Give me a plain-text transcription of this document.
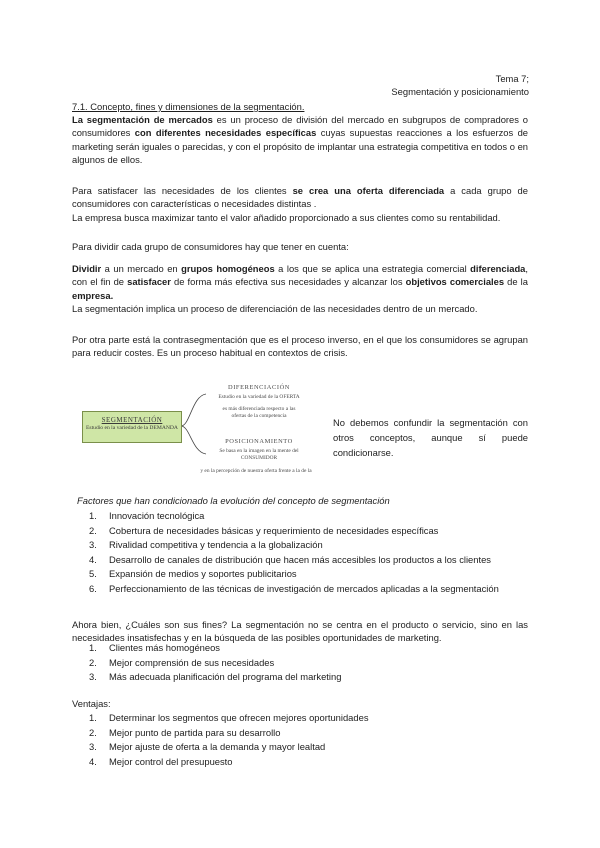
Tema 7;
Segmentación y posicionamiento
7.1. Concepto, fines y dimensiones de la segmentación.
La segmentación de mercados es un proceso de división del mercado en subgrupos de compradores o consumidores con diferentes necesidades específicas cuyas supuestas reacciones a los esfuerzos de marketing serán iguales o parecidas, y con el propósito de implantar una estrategia competitiva en todos o en algunos de ellos.
Para satisfacer las necesidades de los clientes se crea una oferta diferenciada a cada grupo de consumidores con características o necesidades distintas .
La empresa busca maximizar tanto el valor añadido proporcionado a sus clientes como su rentabilidad.
Para dividir cada grupo de consumidores hay que tener en cuenta:
Dividir a un mercado en grupos homogéneos a los que se aplica una estrategia comercial diferenciada, con el fin de satisfacer de forma más efectiva sus necesidades y alcanzar los objetivos comerciales de la empresa.
La segmentación implica un proceso de diferenciación de las necesidades dentro de un mercado.
Por otra parte está la contrasegmentación que es el proceso inverso, en el que los consumidores se agrupan para reducir costes. Es un proceso habitual en contextos de crisis.
SEGMENTACIÓN
Estudio en la variedad de la DEMANDA
DIFERENCIACIÓN
Estudio en la variedad de la OFERTA
es más diferenciada respecto a las
ofertas de la competencia
POSICIONAMIENTO
Se basa en la imagen en la mente del
CONSUMIDOR
y en la percepción de nuestra oferta frente a la de la
No debemos confundir la segmentación con otros conceptos, aunque sí puede condicionarse.
Factores que han condicionado la evolución del concepto de segmentación
1. Innovación tecnológica
2. Cobertura de necesidades básicas y requerimiento de necesidades específicas
3. Rivalidad competitiva y tendencia a la globalización
4. Desarrollo de canales de distribución que hacen más accesibles los productos a los clientes
5. Expansión de medios y soportes publicitarios
6. Perfeccionamiento de las técnicas de investigación de mercados aplicadas a la segmentación
Ahora bien, ¿Cuáles son sus fines? La segmentación no se centra en el producto o servicio, sino en las necesidades insatisfechas y en la búsqueda de las posibles oportunidades de marketing.
1. Clientes más homogéneos
2. Mejor comprensión de sus necesidades
3. Más adecuada planificación del programa del marketing
Ventajas:
1. Determinar los segmentos que ofrecen mejores oportunidades
2. Mejor punto de partida para su desarrollo
3. Mejor ajuste de oferta a la demanda y mayor lealtad
4. Mejor control del presupuesto
